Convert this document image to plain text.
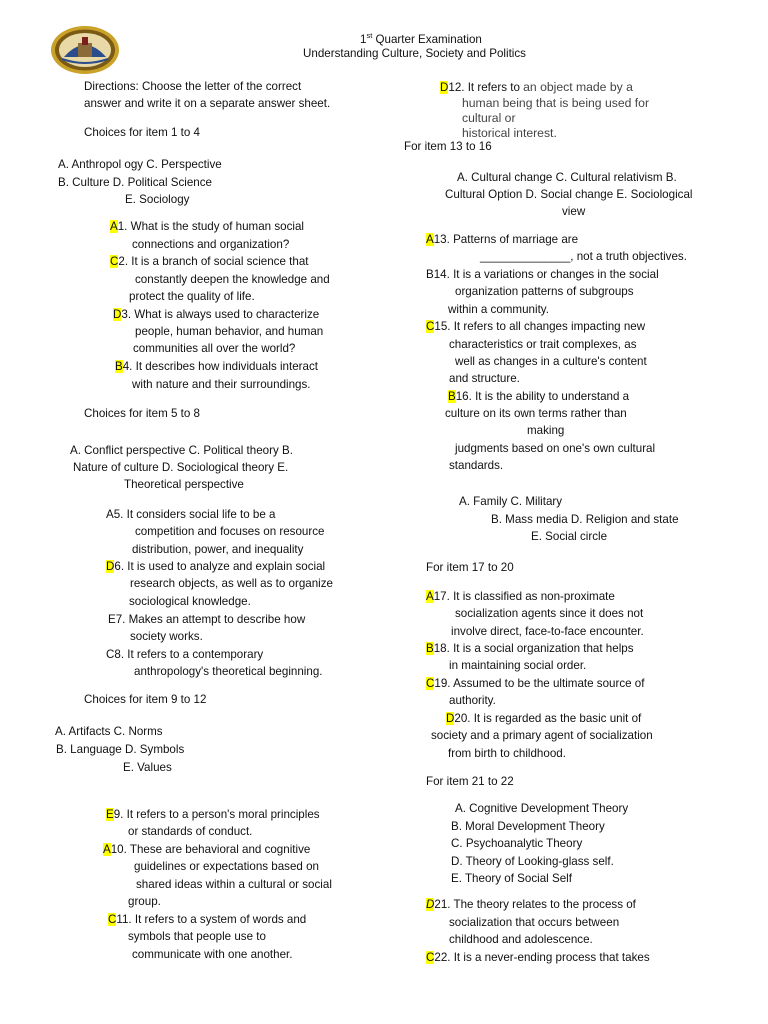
1st Quarter Examination
Understanding Culture, Society and Politics
Directions: Choose the letter of the correct
answer and write it on a separate answer sheet.
Choices for item 1 to 4
A. Anthropol ogy C. Perspective
B. Culture D. Political Science
E. Sociology
A1. What is the study of human social
connections and organization?
C2. It is a branch of social science that
constantly deepen the knowledge and
protect the quality of life.
D3. What is always used to characterize
people, human behavior, and human
communities all over the world?
B4. It describes how individuals interact
with nature and their surroundings.
Choices for item 5 to 8
A. Conflict perspective C. Political theory B.
Nature of culture D. Sociological theory E.
Theoretical perspective
A5. It considers social life to be a
competition and focuses on resource
distribution, power, and inequality
D6. It is used to analyze and explain social
research objects, as well as to organize
sociological knowledge.
E7. Makes an attempt to describe how
society works.
C8. It refers to a contemporary
anthropology's theoretical beginning.
Choices for item 9 to 12
A. Artifacts C. Norms
B. Language D. Symbols
E. Values
E9. It refers to a person's moral principles
or standards of conduct.
A10. These are behavioral and cognitive
guidelines or expectations based on
shared ideas within a cultural or social
group.
C11. It refers to a system of words and
symbols that people use to
communicate with one another.
D12. It refers to an object made by a
human being that is being used for
cultural or
historical interest.
For item 13 to 16
A. Cultural change C. Cultural relativism B.
Cultural Option D. Social change E. Sociological
view
A13. Patterns of marriage are
______________, not a truth objectives.
B14. It is a variations or changes in the social
organization patterns of subgroups
within a community.
C15. It refers to all changes impacting new
characteristics or trait complexes, as
well as changes in a culture's content
and structure.
B16. It is the ability to understand a
culture on its own terms rather than
making
judgments based on one's own cultural
standards.
A. Family C. Military
B. Mass media D. Religion and state
E. Social circle
For item 17 to 20
A17. It is classified as non-proximate
socialization agents since it does not
involve direct, face-to-face encounter.
B18. It is a social organization that helps
in maintaining social order.
C19. Assumed to be the ultimate source of
authority.
D20. It is regarded as the basic unit of
society and a primary agent of socialization
from birth to childhood.
For item 21 to 22
A. Cognitive Development Theory
B. Moral Development Theory
C. Psychoanalytic Theory
D. Theory of Looking-glass self.
E. Theory of Social Self
D21. The theory relates to the process of
socialization that occurs between
childhood and adolescence.
C22. It is a never-ending process that takes
